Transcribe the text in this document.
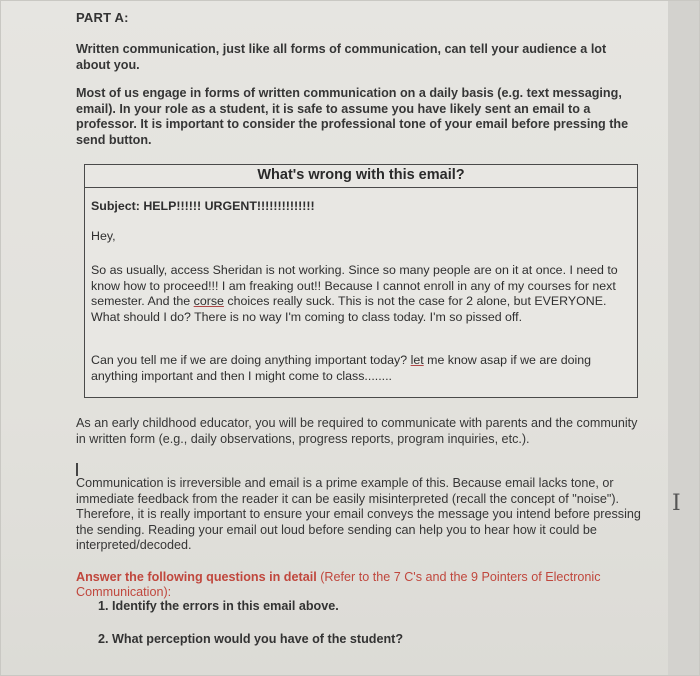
PART A:
Written communication, just like all forms of communication, can tell your audience a lot about you.
Most of us engage in forms of written communication on a daily basis (e.g. text messaging, email). In your role as a student, it is safe to assume you have likely sent an email to a professor. It is important to consider the professional tone of your email before pressing the send button.
What's wrong with this email?
Subject: HELP!!!!!! URGENT!!!!!!!!!!!!!!
Hey,
So as usually, access Sheridan is not working. Since so many people are on it at once. I need to know how to proceed!!! I am freaking out!! Because I cannot enroll in any of my courses for next semester. And the corse choices really suck. This is not the case for 2 alone, but EVERYONE. What should I do? There is no way I'm coming to class today. I'm so pissed off.
Can you tell me if we are doing anything important today? let me know asap if we are doing anything important and then I might come to class........
As an early childhood educator, you will be required to communicate with parents and the community in written form (e.g., daily observations, progress reports, program inquiries, etc.).
Communication is irreversible and email is a prime example of this. Because email lacks tone, or immediate feedback from the reader it can be easily misinterpreted (recall the concept of "noise"). Therefore, it is really important to ensure your email conveys the message you intend before pressing the sending. Reading your email out loud before sending can help you to hear how it could be interpreted/decoded.
I
Answer the following questions in detail (Refer to the 7 C's and the 9 Pointers of Electronic Communication):
1. Identify the errors in this email above.
2. What perception would you have of the student?
